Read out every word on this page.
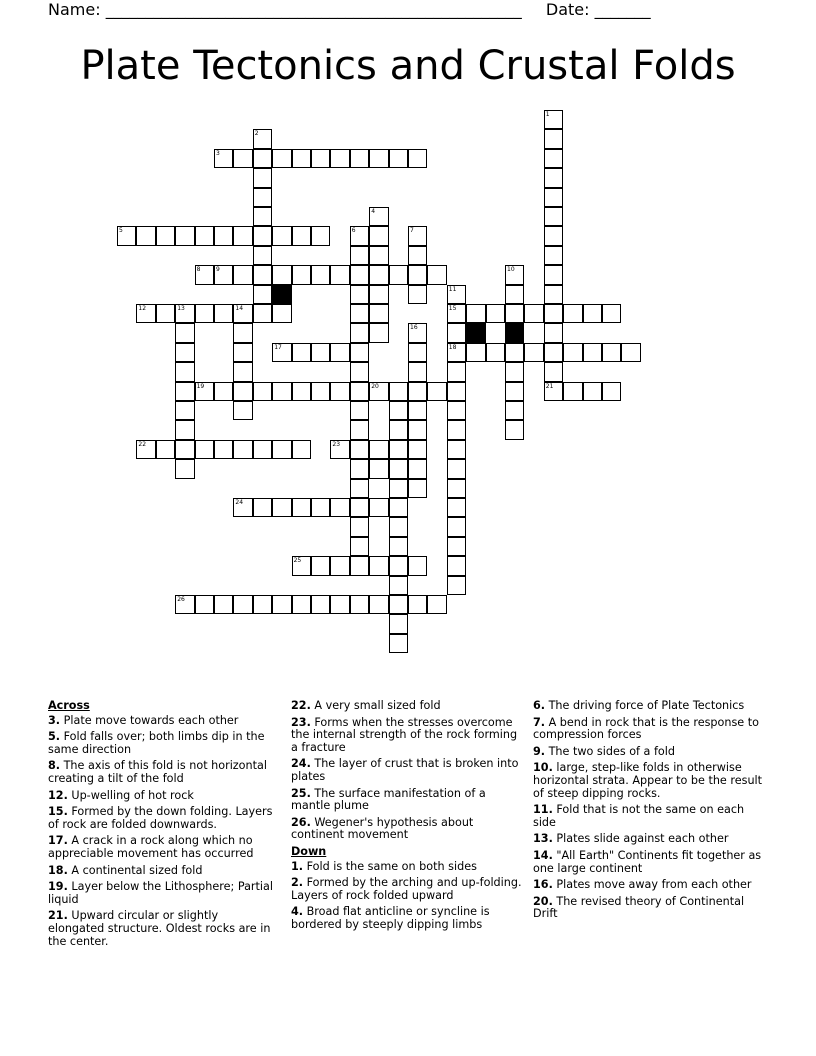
Name: ____________________________________________________ Date: _______
Plate Tectonics and Crustal Folds
1
2
3
4
5	6	7
8	9	10
11
12	13	14	15
16
17	18
19	20	21
22	23
24
25
26
Across
3. Plate move towards each other
5. Fold falls over; both limbs dip in the same direction
8. The axis of this fold is not horizontal creating a tilt of the fold
12. Up-welling of hot rock
15. Formed by the down folding. Layers of rock are folded downwards.
17. A crack in a rock along which no appreciable movement has occurred
18. A continental sized fold
19. Layer below the Lithosphere; Partial liquid
21. Upward circular or slightly elongated structure. Oldest rocks are in the center.
22. A very small sized fold
23. Forms when the stresses overcome the internal strength of the rock forming a fracture
24. The layer of crust that is broken into plates
25. The surface manifestation of a mantle plume
26. Wegener's hypothesis about continent movement
Down
1. Fold is the same on both sides
2. Formed by the arching and up-folding. Layers of rock folded upward
4. Broad flat anticline or syncline is bordered by steeply dipping limbs
6. The driving force of Plate Tectonics
7. A bend in rock that is the response to compression forces
9. The two sides of a fold
10. large, step-like folds in otherwise horizontal strata. Appear to be the result of steep dipping rocks.
11. Fold that is not the same on each side
13. Plates slide against each other
14. "All Earth" Continents fit together as one large continent
16. Plates move away from each other
20. The revised theory of Continental Drift
